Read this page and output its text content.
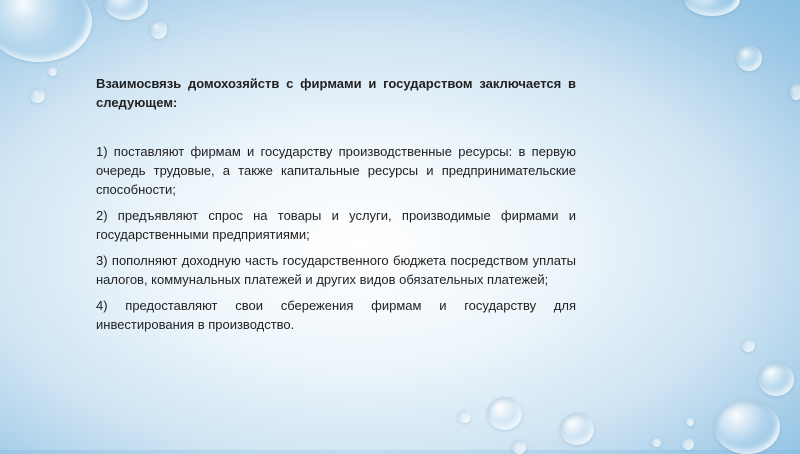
Взаимосвязь домохозяйств с фирмами и государством заключается в следующем:

1) поставляют фирмам и государству производственные ресурсы: в первую очередь трудовые, а также капитальные ресурсы и предпринимательские способности;

2) предъявляют спрос на товары и услуги, производимые фирмами и государственными предприятиями;

3) пополняют доходную часть государственного бюджета посредством уплаты налогов, коммунальных платежей и других видов обязательных платежей;

4) предоставляют свои сбережения фирмам и государству для инвестирования в производство.
